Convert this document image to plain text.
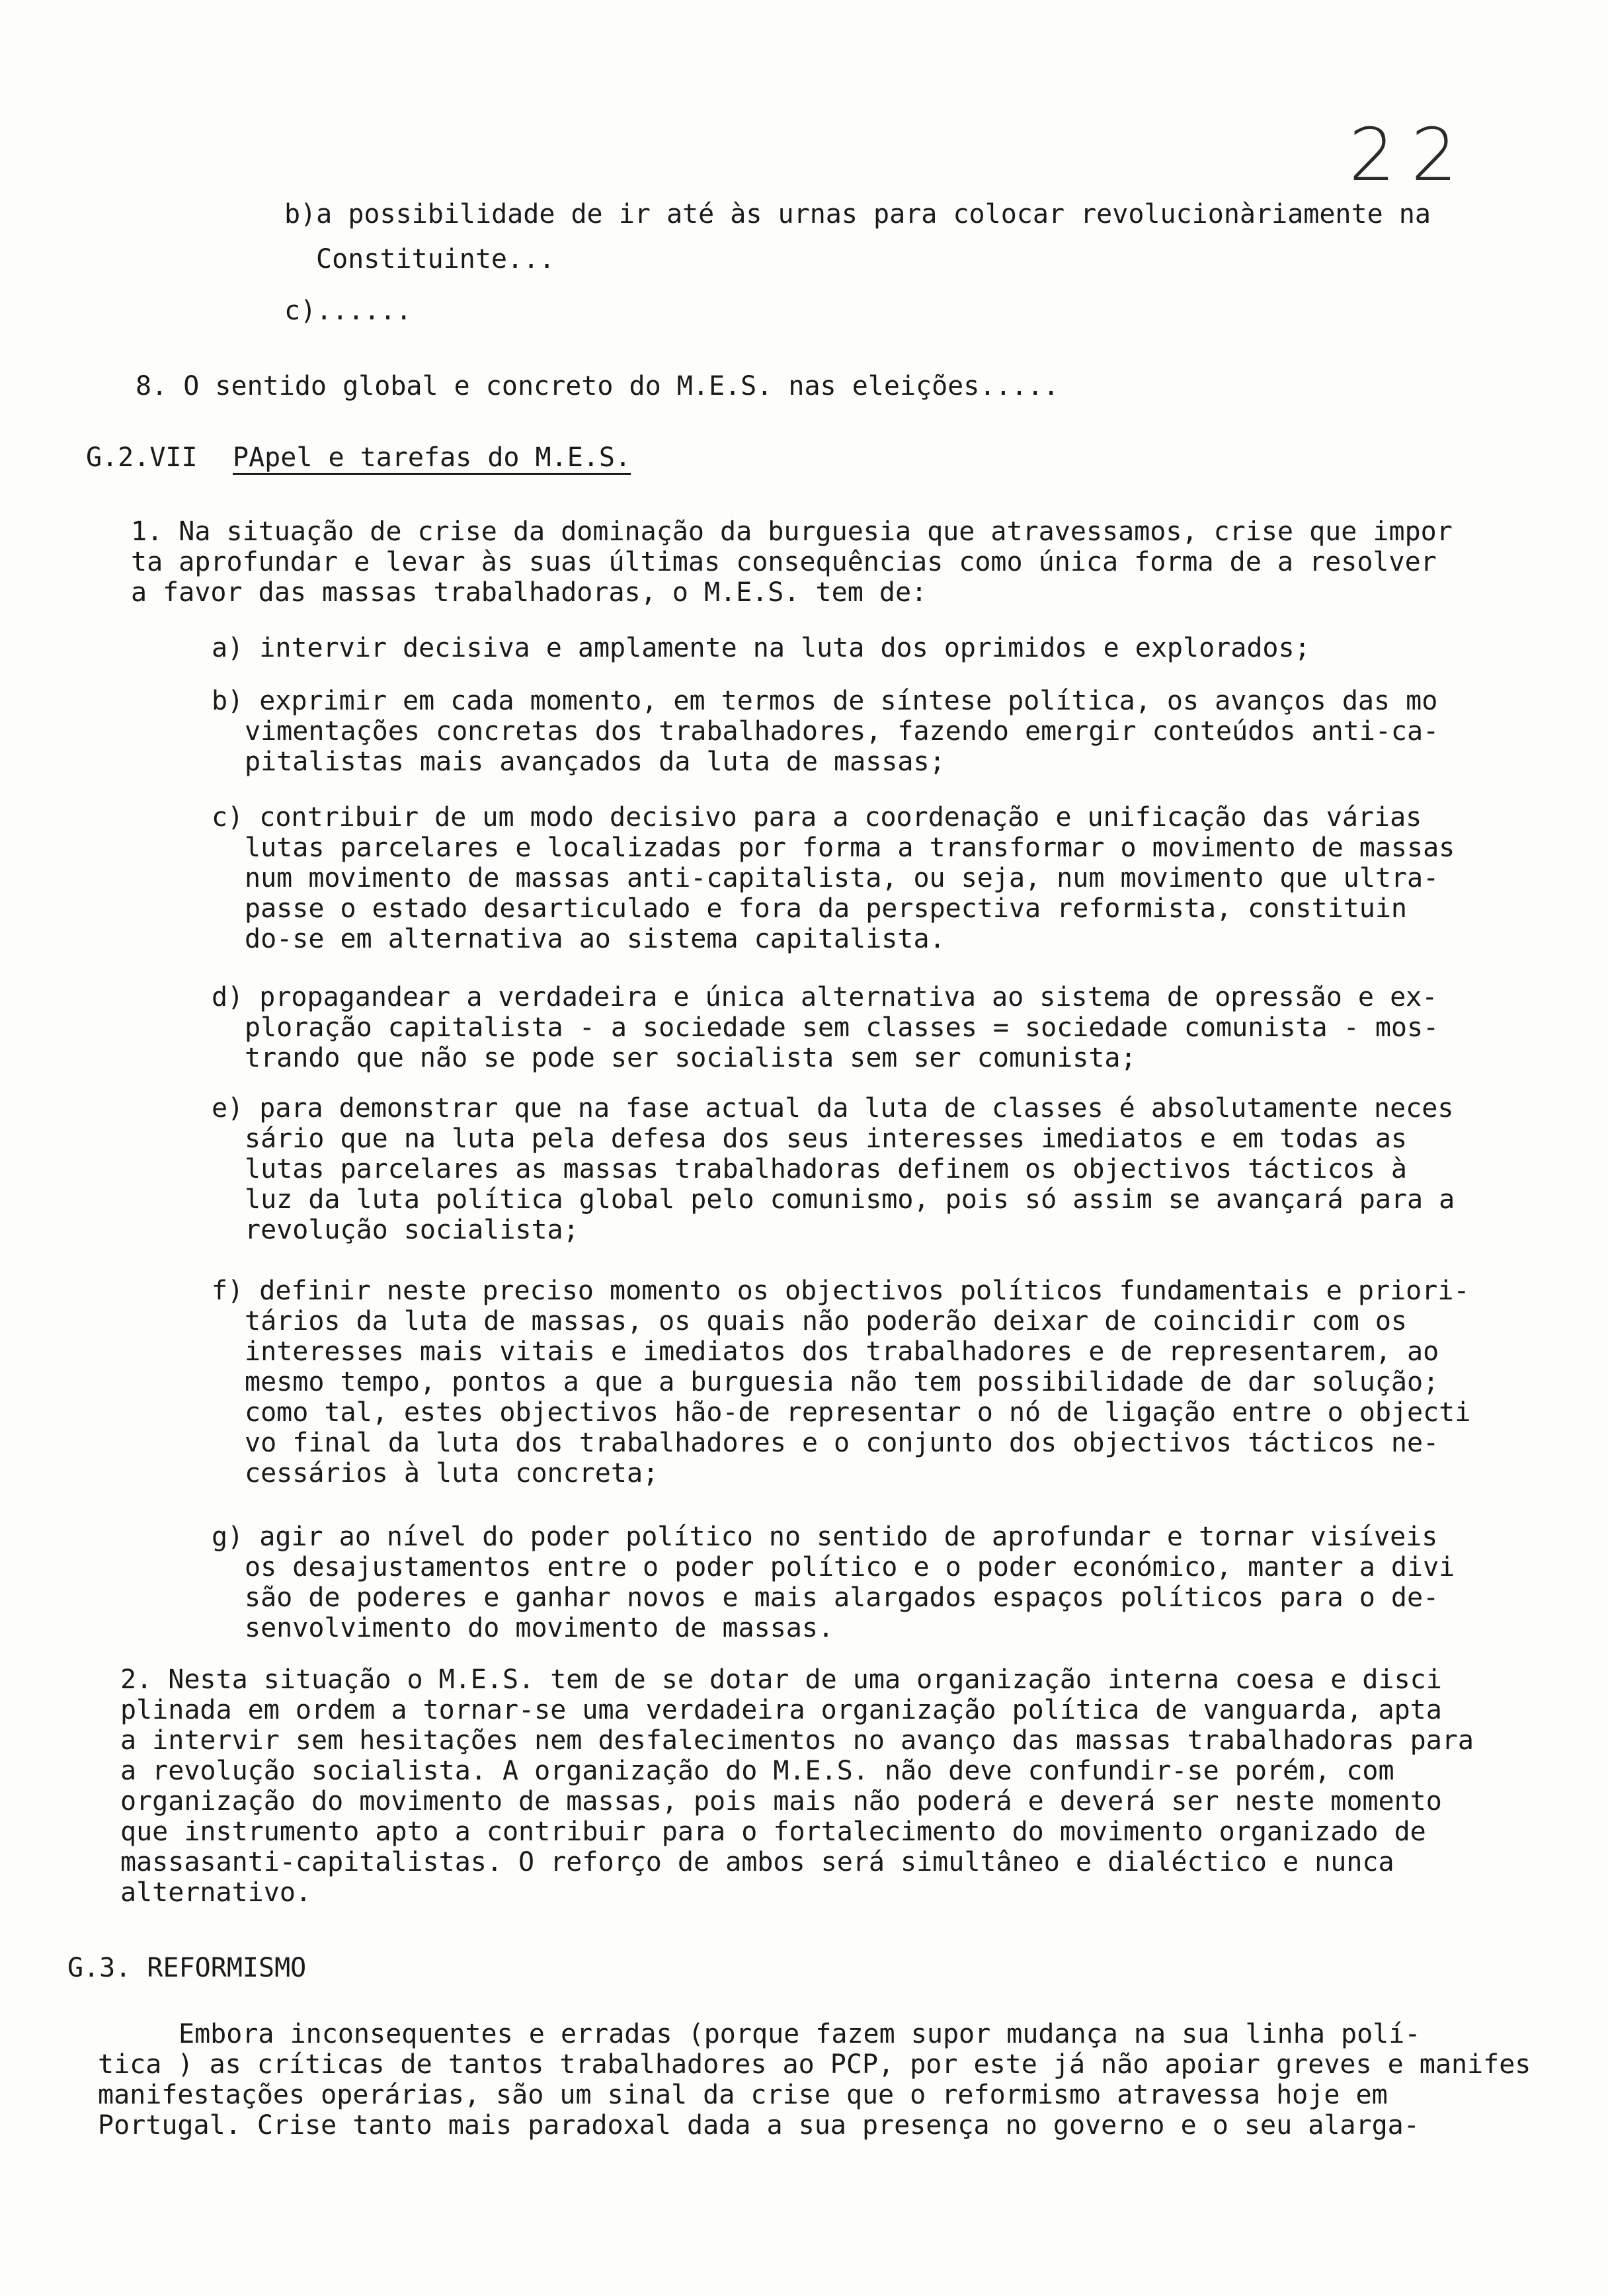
22
b)a possibilidade de ir até às urnas para colocar revolucionàriamente na
Constituinte...
c)......
8. O sentido global e concreto do M.E.S. nas eleições.....
G.2.VII PApel e tarefas do M.E.S.
1. Na situação de crise da dominação da burguesia que atravessamos, crise que impor
ta aprofundar e levar às suas últimas consequências como única forma de a resolver
a favor das massas trabalhadoras, o M.E.S. tem de:
a) intervir decisiva e amplamente na luta dos oprimidos e explorados;
b) exprimir em cada momento, em termos de síntese política, os avanços das mo
vimentações concretas dos trabalhadores, fazendo emergir conteúdos anti-ca-
pitalistas mais avançados da luta de massas;
c) contribuir de um modo decisivo para a coordenação e unificação das várias
lutas parcelares e localizadas por forma a transformar o movimento de massas
num movimento de massas anti-capitalista, ou seja, num movimento que ultra-
passe o estado desarticulado e fora da perspectiva reformista, constituin
do-se em alternativa ao sistema capitalista.
d) propagandear a verdadeira e única alternativa ao sistema de opressão e ex-
ploração capitalista - a sociedade sem classes = sociedade comunista - mos-
trando que não se pode ser socialista sem ser comunista;
e) para demonstrar que na fase actual da luta de classes é absolutamente neces
sário que na luta pela defesa dos seus interesses imediatos e em todas as
lutas parcelares as massas trabalhadoras definem os objectivos tácticos à
luz da luta política global pelo comunismo, pois só assim se avançará para a
revolução socialista;
f) definir neste preciso momento os objectivos políticos fundamentais e priori-
tários da luta de massas, os quais não poderão deixar de coincidir com os
interesses mais vitais e imediatos dos trabalhadores e de representarem, ao
mesmo tempo, pontos a que a burguesia não tem possibilidade de dar solução;
como tal, estes objectivos hão-de representar o nó de ligação entre o objecti
vo final da luta dos trabalhadores e o conjunto dos objectivos tácticos ne-
cessários à luta concreta;
g) agir ao nível do poder político no sentido de aprofundar e tornar visíveis
os desajustamentos entre o poder político e o poder económico, manter a divi
são de poderes e ganhar novos e mais alargados espaços políticos para o de-
senvolvimento do movimento de massas.
2. Nesta situação o M.E.S. tem de se dotar de uma organização interna coesa e disci
plinada em ordem a tornar-se uma verdadeira organização política de vanguarda, apta
a intervir sem hesitações nem desfalecimentos no avanço das massas trabalhadoras para
a revolução socialista. A organização do M.E.S. não deve confundir-se porém, com
organização do movimento de massas, pois mais não poderá e deverá ser neste momento
que instrumento apto a contribuir para o fortalecimento do movimento organizado de
massasanti-capitalistas. O reforço de ambos será simultâneo e dialéctico e nunca
alternativo.
G.3. REFORMISMO
Embora inconsequentes e erradas (porque fazem supor mudança na sua linha polí-
tica ) as críticas de tantos trabalhadores ao PCP, por este já não apoiar greves e manifes
manifestações operárias, são um sinal da crise que o reformismo atravessa hoje em
Portugal. Crise tanto mais paradoxal dada a sua presença no governo e o seu alarga-
